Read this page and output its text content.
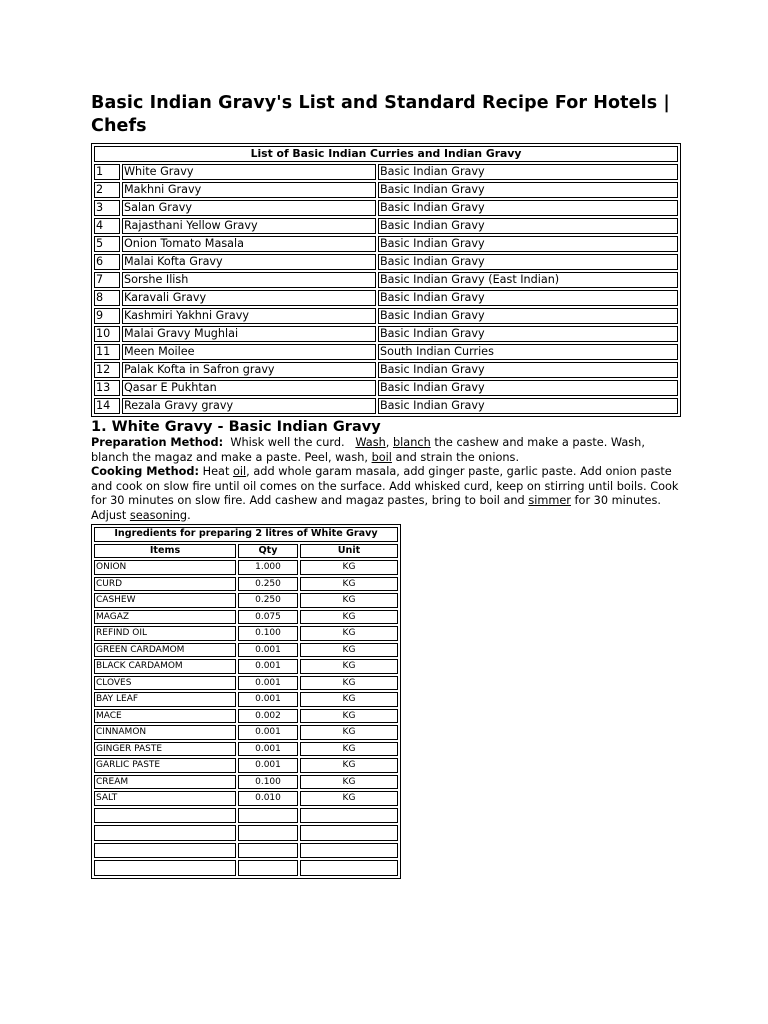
Basic Indian Gravy's List and Standard Recipe For Hotels | Chefs
List of Basic Indian Curries and Indian Gravy		
1	White Gravy	Basic Indian Gravy
2	Makhni Gravy	Basic Indian Gravy
3	Salan Gravy	Basic Indian Gravy
4	Rajasthani Yellow Gravy	Basic Indian Gravy
5	Onion Tomato Masala	Basic Indian Gravy
6	Malai Kofta Gravy	Basic Indian Gravy
7	Sorshe Ilish	Basic Indian Gravy (East Indian)
8	Karavali Gravy	Basic Indian Gravy
9	Kashmiri Yakhni Gravy	Basic Indian Gravy
10	Malai Gravy Mughlai	Basic Indian Gravy
11	Meen Moilee	South Indian Curries
12	Palak Kofta in Safron gravy	Basic Indian Gravy
13	Qasar E Pukhtan	Basic Indian Gravy
14	Rezala Gravy gravy	Basic Indian Gravy
1. White Gravy - Basic Indian Gravy

Preparation Method:  Whisk well the curd.   Wash, blanch the cashew and make a paste. Wash, blanch the magaz and make a paste. Peel, wash, boil and strain the onions.

Cooking Method: Heat oil, add whole garam masala, add ginger paste, garlic paste. Add onion paste and cook on slow fire until oil comes on the surface. Add whisked curd, keep on stirring until boils. Cook for 30 minutes on slow fire. Add cashew and magaz pastes, bring to boil and simmer for 30 minutes. Adjust seasoning.

Ingredients for preparing 2 litres of White Gravy		
Items	Qty	Unit
ONION	1.000	KG
CURD	0.250	KG
CASHEW	0.250	KG
MAGAZ	0.075	KG
REFIND OIL	0.100	KG
GREEN CARDAMOM	0.001	KG
BLACK CARDAMOM	0.001	KG
CLOVES	0.001	KG
BAY LEAF	0.001	KG
MACE	0.002	KG
CINNAMON	0.001	KG
GINGER PASTE	0.001	KG
GARLIC PASTE	0.001	KG
CREAM	0.100	KG
SALT	0.010	KG
